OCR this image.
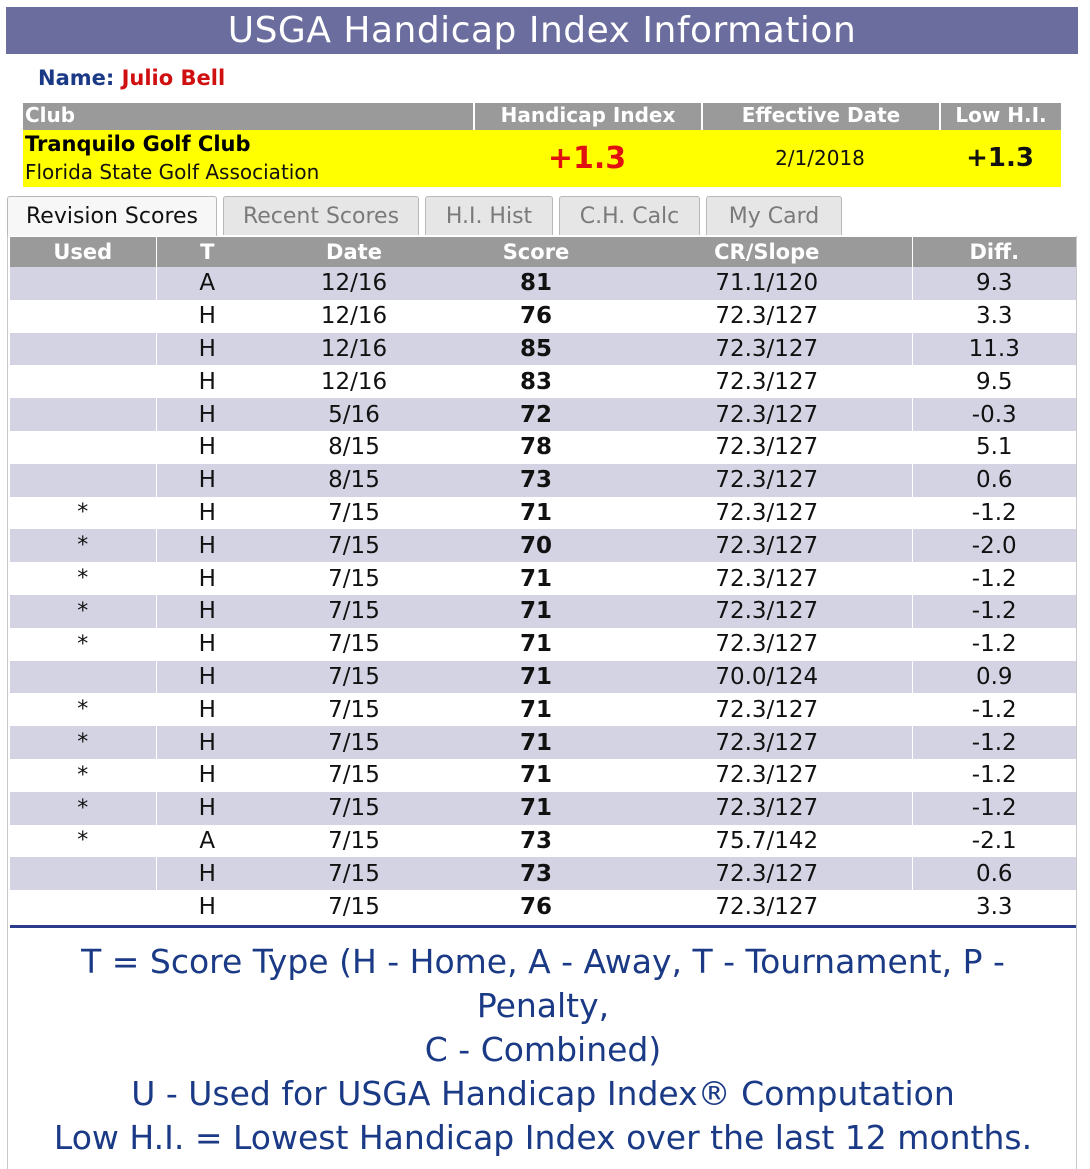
USGA Handicap Index Information
Name: Julio Bell
Club	Handicap Index	Effective Date	Low H.I.
Tranquilo Golf Club
Florida State Golf Association	+1.3	2/1/2018	+1.3
Revision Scores	Recent Scores	H.I. Hist	C.H. Calc	My Card
Used	T	Date	Score	CR/Slope	Diff.
	A	12/16	81	71.1/120	9.3
	H	12/16	76	72.3/127	3.3
	H	12/16	85	72.3/127	11.3
	H	12/16	83	72.3/127	9.5
	H	5/16	72	72.3/127	-0.3
	H	8/15	78	72.3/127	5.1
	H	8/15	73	72.3/127	0.6
*	H	7/15	71	72.3/127	-1.2
*	H	7/15	70	72.3/127	-2.0
*	H	7/15	71	72.3/127	-1.2
*	H	7/15	71	72.3/127	-1.2
*	H	7/15	71	72.3/127	-1.2
	H	7/15	71	70.0/124	0.9
*	H	7/15	71	72.3/127	-1.2
*	H	7/15	71	72.3/127	-1.2
*	H	7/15	71	72.3/127	-1.2
*	H	7/15	71	72.3/127	-1.2
*	A	7/15	73	75.7/142	-2.1
	H	7/15	73	72.3/127	0.6
	H	7/15	76	72.3/127	3.3
T = Score Type (H - Home, A - Away, T - Tournament, P -
Penalty,
C - Combined)
U - Used for USGA Handicap Index® Computation
Low H.I. = Lowest Handicap Index over the last 12 months.
